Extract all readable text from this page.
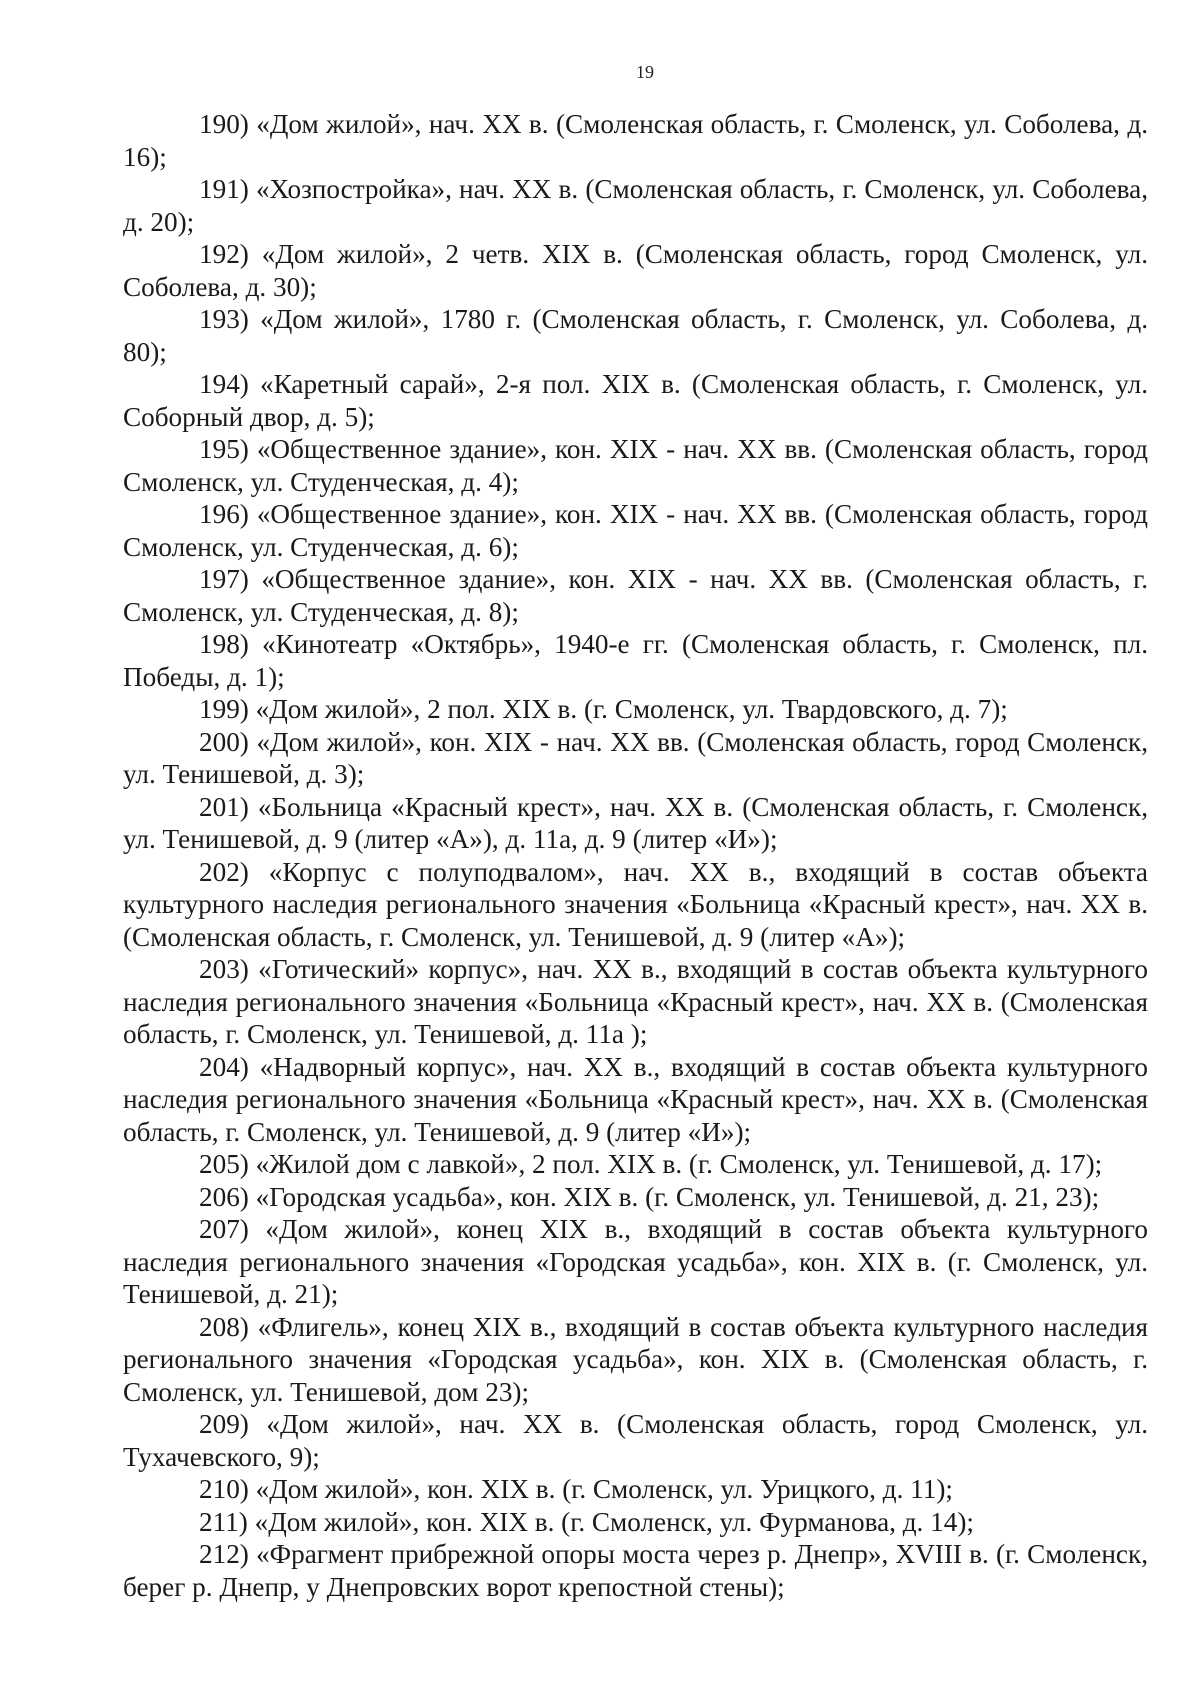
19

190) «Дом жилой», нач. XX в. (Смоленская область, г. Смоленск, ул. Соболева, д. 16);

191) «Хозпостройка», нач. XX в. (Смоленская область, г. Смоленск, ул. Соболева, д. 20);

192) «Дом жилой», 2 четв. XIX в. (Смоленская область, город Смоленск, ул. Соболева, д. 30);

193) «Дом жилой», 1780 г. (Смоленская область, г. Смоленск, ул. Соболева, д. 80);

194) «Каретный сарай», 2-я пол. XIX в. (Смоленская область, г. Смоленск, ул. Соборный двор, д. 5);

195) «Общественное здание», кон. XIX - нач. XX вв. (Смоленская область, город Смоленск, ул. Студенческая, д. 4);

196) «Общественное здание», кон. XIX - нач. XX вв. (Смоленская область, город Смоленск, ул. Студенческая, д. 6);

197) «Общественное здание», кон. XIX - нач. XX вв. (Смоленская область, г. Смоленск, ул. Студенческая, д. 8);

198) «Кинотеатр «Октябрь», 1940-е гг. (Смоленская область, г. Смоленск, пл. Победы, д. 1);

199) «Дом жилой», 2 пол. XIX в. (г. Смоленск, ул. Твардовского, д. 7);

200) «Дом жилой», кон. XIX - нач. XX вв. (Смоленская область, город Смоленск, ул. Тенишевой, д. 3);

201) «Больница «Красный крест», нач. XX в. (Смоленская область, г. Смоленск, ул. Тенишевой, д. 9 (литер «А»), д. 11а, д. 9 (литер «И»);

202) «Корпус с полуподвалом», нач. XX в., входящий в состав объекта культурного наследия регионального значения «Больница «Красный крест», нач. XX в. (Смоленская область, г. Смоленск, ул. Тенишевой, д. 9 (литер «А»);

203) «Готический» корпус», нач. XX в., входящий в состав объекта культурного наследия регионального значения «Больница «Красный крест», нач. XX в. (Смоленская область, г. Смоленск, ул. Тенишевой, д. 11а );

204) «Надворный корпус», нач. XX в., входящий в состав объекта культурного наследия регионального значения «Больница «Красный крест», нач. XX в. (Смоленская область, г. Смоленск, ул. Тенишевой, д. 9 (литер «И»);

205) «Жилой дом с лавкой», 2 пол. XIX в. (г. Смоленск, ул. Тенишевой, д. 17);

206) «Городская усадьба», кон. XIX в. (г. Смоленск, ул. Тенишевой, д. 21, 23);

207) «Дом жилой», конец XIX в., входящий в состав объекта культурного наследия регионального значения «Городская усадьба», кон. XIX в. (г. Смоленск, ул. Тенишевой, д. 21);

208) «Флигель», конец XIX в., входящий в состав объекта культурного наследия регионального значения «Городская усадьба», кон. XIX в. (Смоленская область, г. Смоленск, ул. Тенишевой, дом 23);

209) «Дом жилой», нач. XX в. (Смоленская область, город Смоленск, ул. Тухачевского, 9);

210) «Дом жилой», кон. XIX в. (г. Смоленск, ул. Урицкого, д. 11);

211) «Дом жилой», кон. XIX в. (г. Смоленск, ул. Фурманова, д. 14);

212) «Фрагмент прибрежной опоры моста через р. Днепр», XVIII в. (г. Смоленск, берег р. Днепр, у Днепровских ворот крепостной стены);
